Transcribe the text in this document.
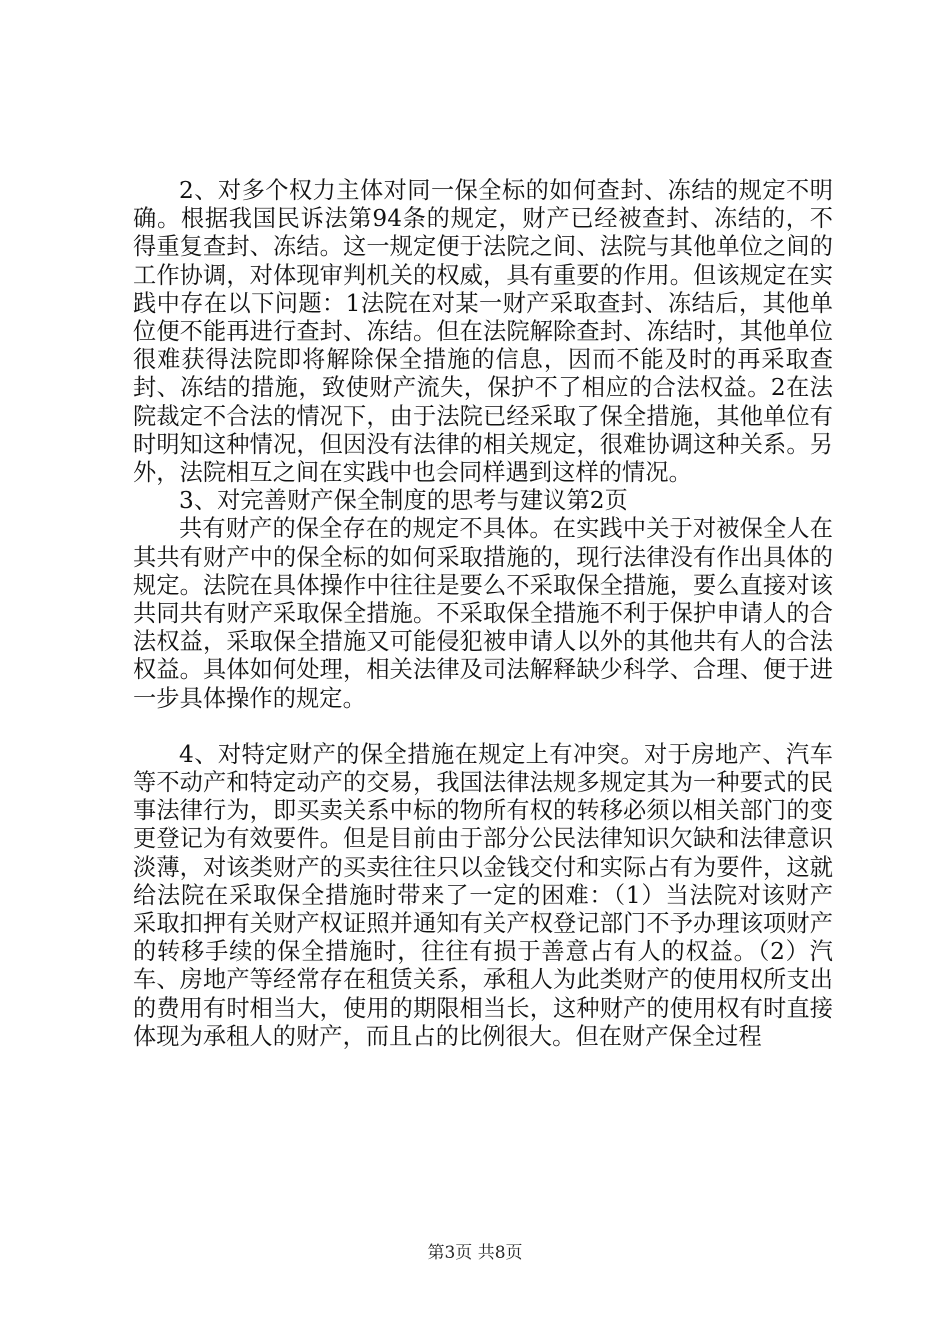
2、对多个权力主体对同一保全标的如何查封、冻结的规定不明确。根据我国民诉法第94条的规定，财产已经被查封、冻结的，不得重复查封、冻结。这一规定便于法院之间、法院与其他单位之间的工作协调，对体现审判机关的权威，具有重要的作用。但该规定在实践中存在以下问题：1法院在对某一财产采取查封、冻结后，其他单位便不能再进行查封、冻结。但在法院解除查封、冻结时，其他单位很难获得法院即将解除保全措施的信息，因而不能及时的再采取查封、冻结的措施，致使财产流失，保护不了相应的合法权益。2在法院裁定不合法的情况下，由于法院已经采取了保全措施，其他单位有时明知这种情况，但因没有法律的相关规定，很难协调这种关系。另外，法院相互之间在实践中也会同样遇到这样的情况。

3、对完善财产保全制度的思考与建议第2页

共有财产的保全存在的规定不具体。在实践中关于对被保全人在其共有财产中的保全标的如何采取措施的，现行法律没有作出具体的规定。法院在具体操作中往往是要么不采取保全措施，要么直接对该共同共有财产采取保全措施。不采取保全措施不利于保护申请人的合法权益，采取保全措施又可能侵犯被申请人以外的其他共有人的合法权益。具体如何处理，相关法律及司法解释缺少科学、合理、便于进一步具体操作的规定。

4、对特定财产的保全措施在规定上有冲突。对于房地产、汽车等不动产和特定动产的交易，我国法律法规多规定其为一种要式的民事法律行为，即买卖关系中标的物所有权的转移必须以相关部门的变更登记为有效要件。但是目前由于部分公民法律知识欠缺和法律意识淡薄，对该类财产的买卖往往只以金钱交付和实际占有为要件，这就给法院在采取保全措施时带来了一定的困难：（1）当法院对该财产采取扣押有关财产权证照并通知有关产权登记部门不予办理该项财产的转移手续的保全措施时，往往有损于善意占有人的权益。（2）汽车、房地产等经常存在租赁关系，承租人为此类财产的使用权所支出的费用有时相当大，使用的期限相当长，这种财产的使用权有时直接体现为承租人的财产，而且占的比例很大。但在财产保全过程

第3页 共8页
